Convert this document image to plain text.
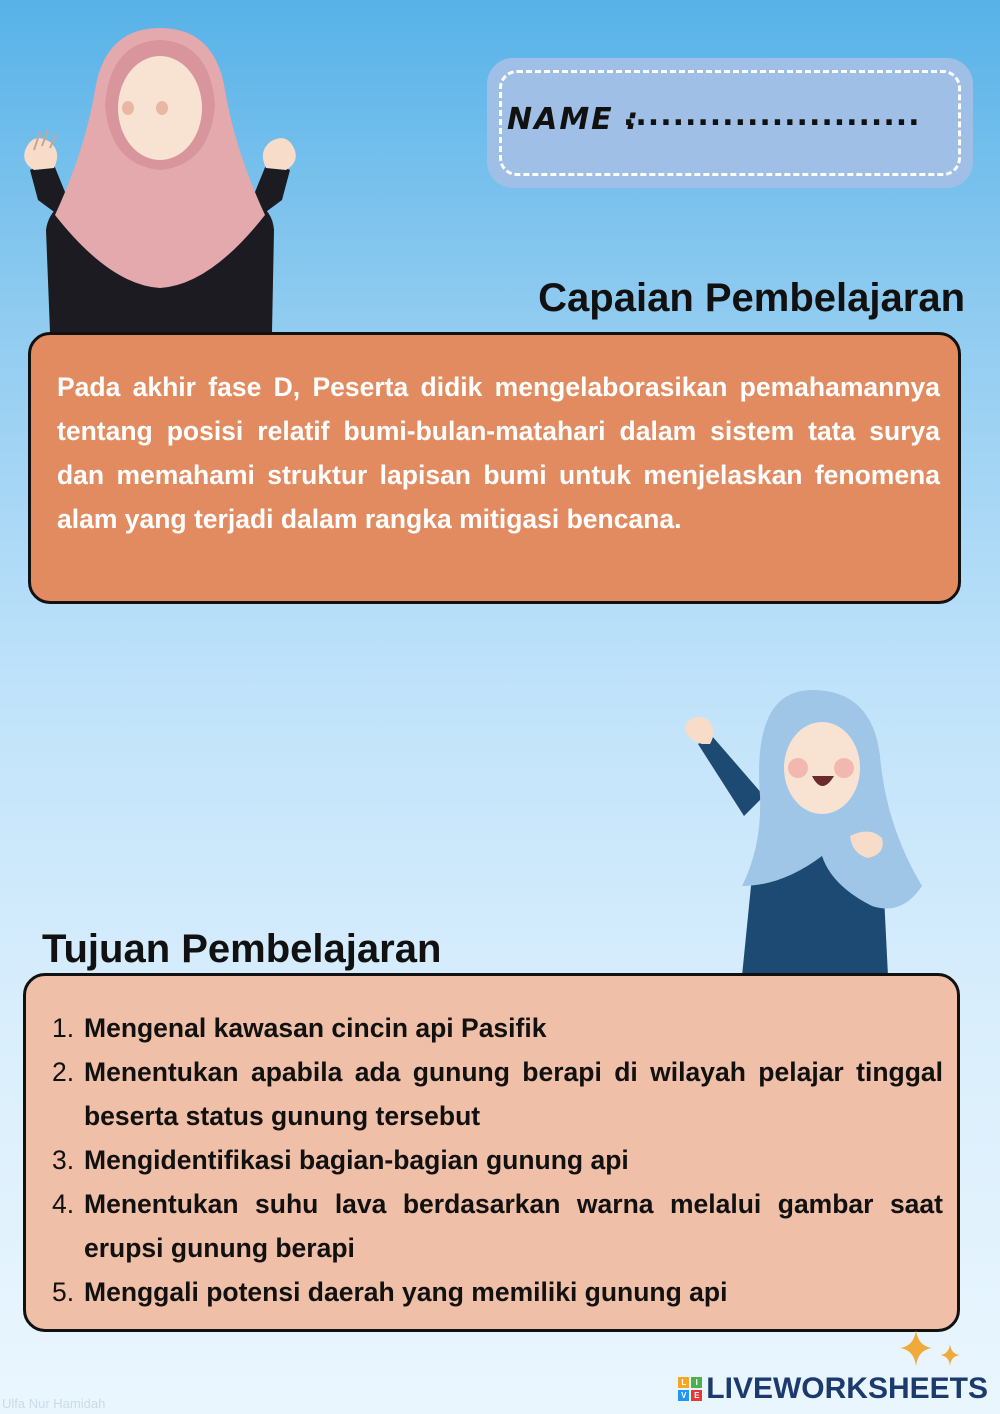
NAME :
........................
Capaian Pembelajaran

Pada akhir fase D, Peserta didik mengelaborasikan pemahamannya tentang posisi relatif bumi-bulan-matahari dalam sistem tata surya dan memahami struktur lapisan bumi untuk menjelaskan fenomena alam yang terjadi dalam rangka mitigasi bencana.

Tujuan Pembelajaran
1. Mengenal kawasan cincin api Pasifik
2. Menentukan apabila ada gunung berapi di wilayah pelajar tinggal beserta status gunung tersebut
3. Mengidentifikasi bagian-bagian gunung api
4. Menentukan suhu lava berdasarkan warna melalui gambar saat erupsi gunung berapi
5. Menggali potensi daerah yang memiliki gunung api
Ulfa Nur Hamidah
L	I
V E LIVEWORKSHEETS
